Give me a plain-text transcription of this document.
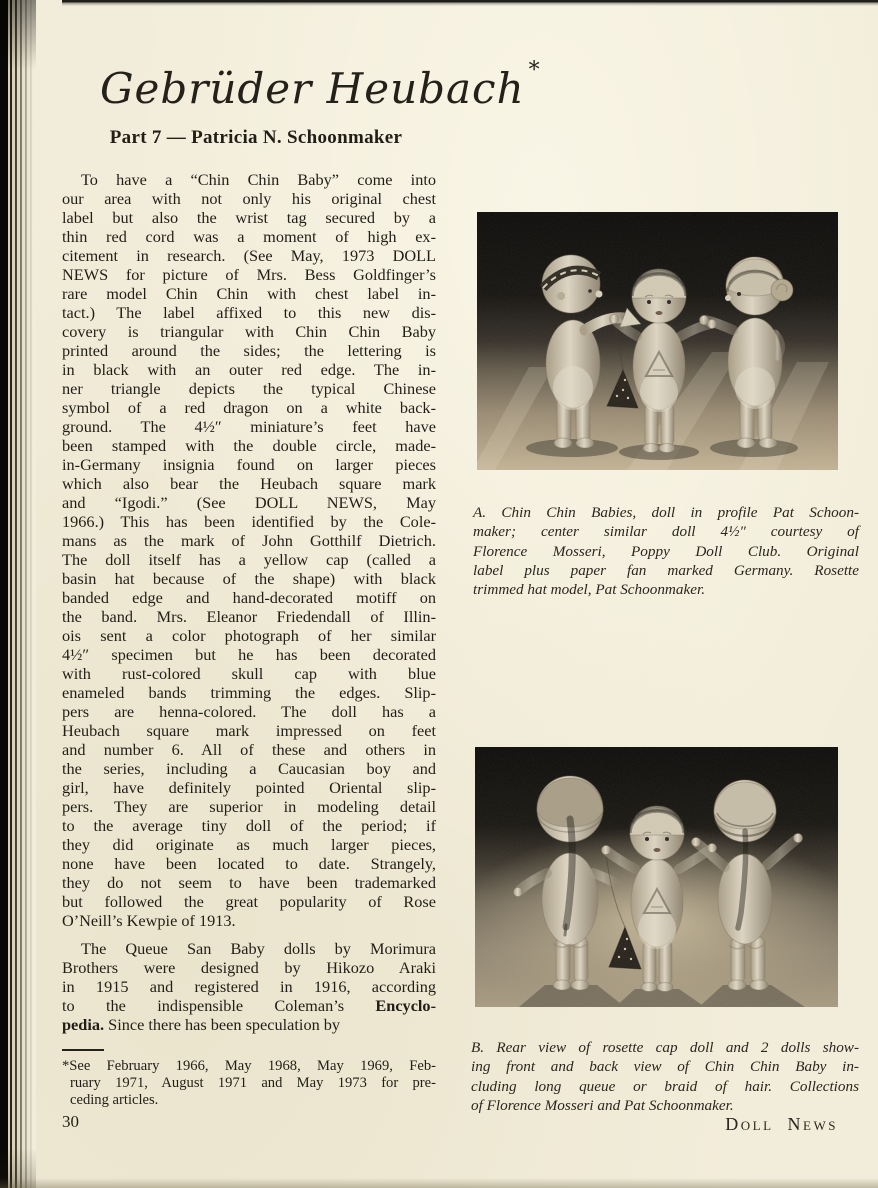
Gebrüder Heubach *
Part 7 — Patricia N. Schoonmaker
To have a “Chin Chin Baby” come into
our area with not only his original chest
label but also the wrist tag secured by a
thin red cord was a moment of high ex-
citement in research. (See May, 1973 DOLL
NEWS for picture of Mrs. Bess Goldfinger’s
rare model Chin Chin with chest label in-
tact.) The label affixed to this new dis-
covery is triangular with Chin Chin Baby
printed around the sides; the lettering is
in black with an outer red edge. The in-
ner triangle depicts the typical Chinese
symbol of a red dragon on a white back-
ground. The 4½″ miniature’s feet have
been stamped with the double circle, made-
in-Germany insignia found on larger pieces
which also bear the Heubach square mark
and “Igodi.” (See DOLL NEWS, May
1966.) This has been identified by the Cole-
mans as the mark of John Gotthilf Dietrich.
The doll itself has a yellow cap (called a
basin hat because of the shape) with black
banded edge and hand-decorated motiff on
the band. Mrs. Eleanor Friedendall of Illin-
ois sent a color photograph of her similar
4½″ specimen but he has been decorated
with rust-colored skull cap with blue
enameled bands trimming the edges. Slip-
pers are henna-colored. The doll has a
Heubach square mark impressed on feet
and number 6. All of these and others in
the series, including a Caucasian boy and
girl, have definitely pointed Oriental slip-
pers. They are superior in modeling detail
to the average tiny doll of the period; if
they did originate as much larger pieces,
none have been located to date. Strangely,
they do not seem to have been trademarked
but followed the great popularity of Rose
O’Neill’s Kewpie of 1913.
The Queue San Baby dolls by Morimura
Brothers were designed by Hikozo Araki
in 1915 and registered in 1916, according
to the indispensible Coleman’s Encyclo-
pedia. Since there has been speculation by
*See February 1966, May 1968, May 1969, Feb-
ruary 1971, August 1971 and May 1973 for pre-
ceding articles.
A. Chin Chin Babies, doll in profile Pat Schoon-
maker; center similar doll 4½″ courtesy of
Florence Mosseri, Poppy Doll Club. Original
label plus paper fan marked Germany. Rosette
trimmed hat model, Pat Schoonmaker.
B. Rear view of rosette cap doll and 2 dolls show-
ing front and back view of Chin Chin Baby in-
cluding long queue or braid of hair. Collections
of Florence Mosseri and Pat Schoonmaker.
30	Doll News
